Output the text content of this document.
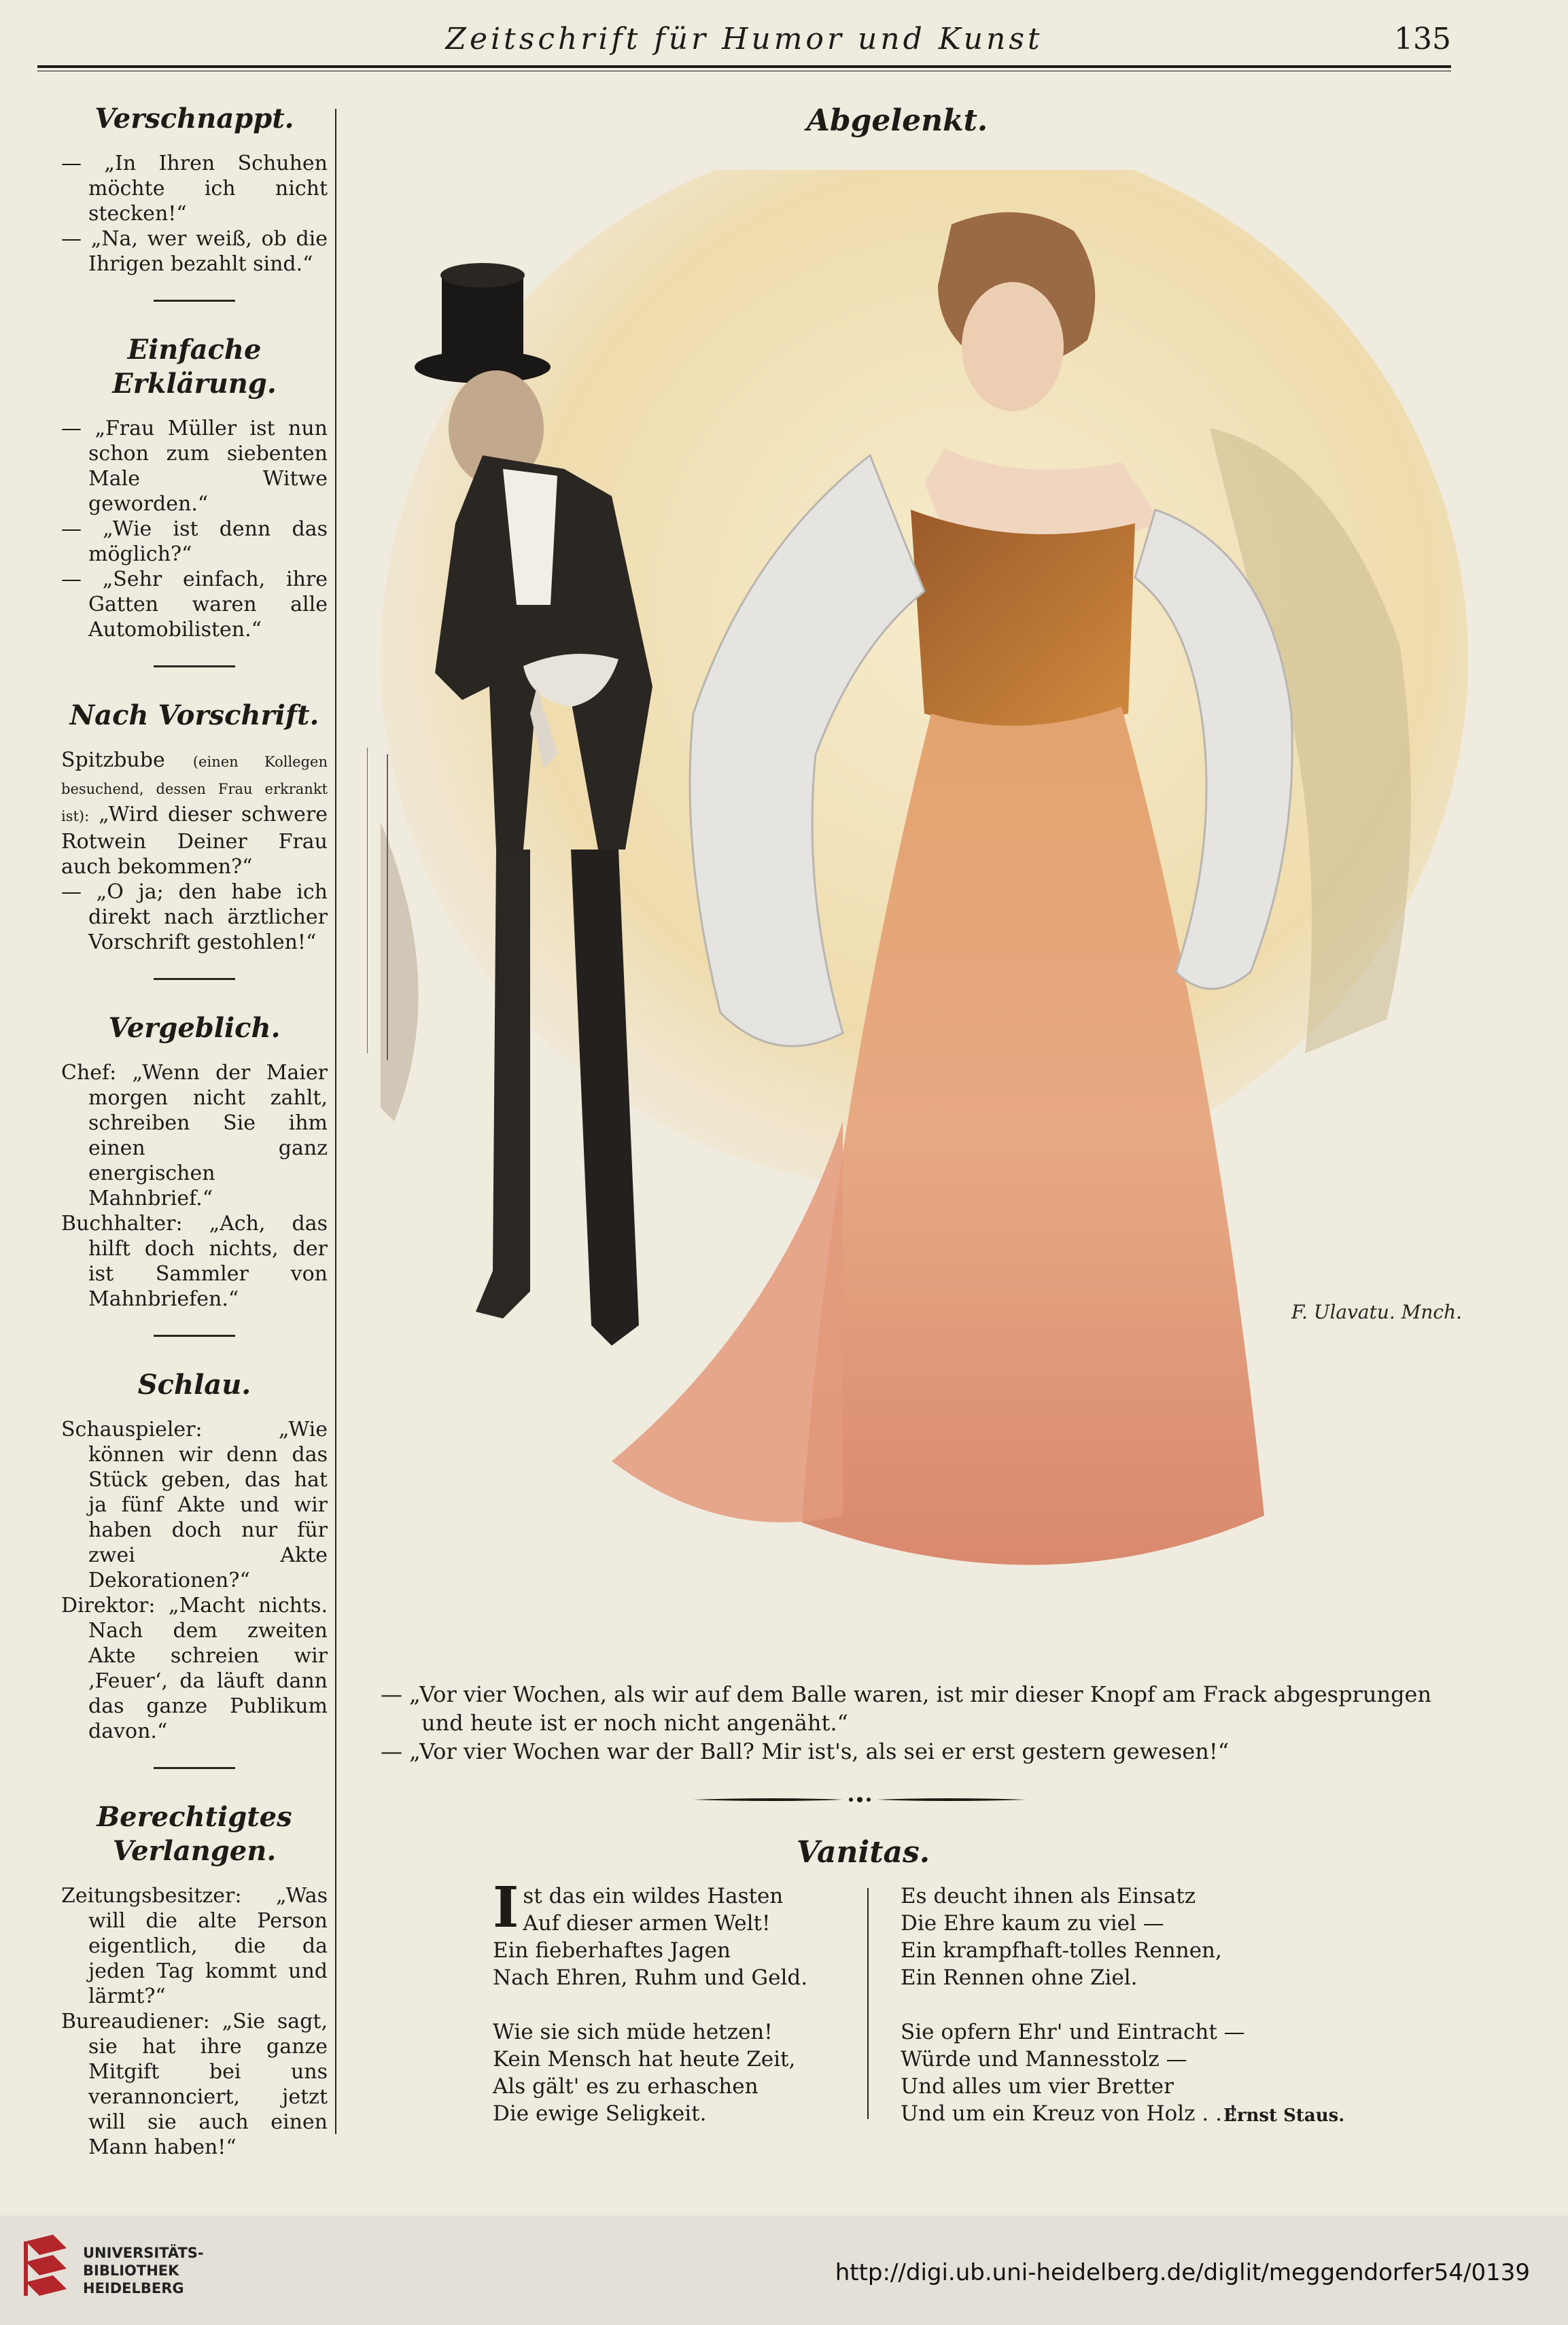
Zeitschrift für Humor und Kunst	135
Verschnappt.

— „In Ihren Schuhen möchte ich nicht stecken!“

— „Na, wer weiß, ob die Ihrigen bezahlt sind.“

Einfache Erklärung.

— „Frau Müller ist nun schon zum siebenten Male Witwe geworden.“

— „Wie ist denn das möglich?“

— „Sehr einfach, ihre Gatten waren alle Automobilisten.“

Nach Vorschrift.

Spitzbube (einen Kollegen besuchend, dessen Frau erkrankt ist): „Wird dieser schwere Rotwein Deiner Frau auch bekommen?“

— „O ja; den habe ich direkt nach ärztlicher Vorschrift gestohlen!“

Vergeblich.

Chef: „Wenn der Maier morgen nicht zahlt, schreiben Sie ihm einen ganz energischen Mahnbrief.“

Buchhalter: „Ach, das hilft doch nichts, der ist Sammler von Mahnbriefen.“

Schlau.

Schauspieler: „Wie können wir denn das Stück geben, das hat ja fünf Akte und wir haben doch nur für zwei Akte Dekorationen?“

Direktor: „Macht nichts. Nach dem zweiten Akte schreien wir ‚Feuer‘, da läuft dann das ganze Publikum davon.“

Berechtigtes Verlangen.

Zeitungsbesitzer: „Was will die alte Person eigentlich, die da jeden Tag kommt und lärmt?“

Bureaudiener: „Sie sagt, sie hat ihre ganze Mitgift bei uns verannonciert, jetzt will sie auch einen Mann haben!“

Abgelenkt.
F. Ulavatu. Mnch.

— „Vor vier Wochen, als wir auf dem Balle waren, ist mir dieser Knopf am Frack abgesprungen und heute ist er noch nicht angenäht.“

— „Vor vier Wochen war der Ball? Mir ist's, als sei er erst gestern gewesen!“

Vanitas.
I st das ein wildes Hasten

Auf dieser armen Welt!

Ein fieberhaftes Jagen

Nach Ehren, Ruhm und Geld.

Wie sie sich müde hetzen!

Kein Mensch hat heute Zeit,

Als gält' es zu erhaschen

Die ewige Seligkeit.

Es deucht ihnen als Einsatz

Die Ehre kaum zu viel —

Ein krampfhaft-tolles Rennen,

Ein Rennen ohne Ziel.

Sie opfern Ehr' und Eintracht —

Würde und Mannesstolz —

Und alles um vier Bretter

Und um ein Kreuz von Holz . . !

Ernst Staus.
UNIVERSITÄTS-
BIBLIOTHEK
HEIDELBERG
http://digi.ub.uni-heidelberg.de/diglit/meggendorfer54/0139
